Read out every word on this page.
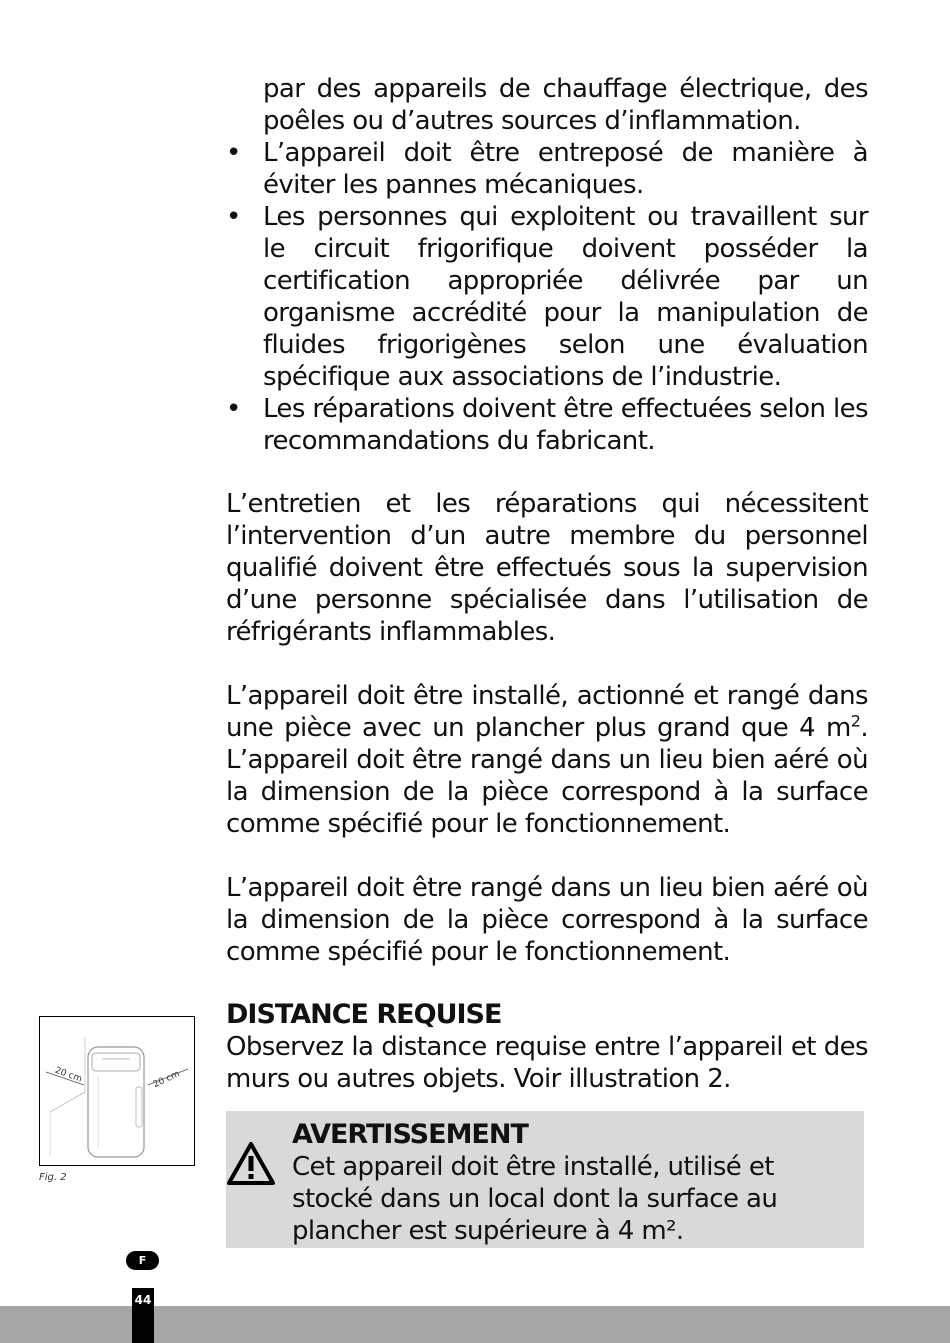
par des appareils de chauffage électrique, des poêles ou d’autres sources d’inflammation.
• L’appareil doit être entreposé de manière à éviter les pannes mécaniques.
• Les personnes qui exploitent ou travaillent sur le circuit frigorifique doivent posséder la certification appropriée délivrée par un organisme accrédité pour la manipulation de fluides frigorigènes selon une évaluation spécifique aux associations de l’industrie.
• Les réparations doivent être effectuées selon les recommandations du fabricant.
L’entretien et les réparations qui nécessitent l’intervention d’un autre membre du personnel qualifié doivent être effectués sous la supervision d’une personne spécialisée dans l’utilisation de réfrigérants inflammables.
L’appareil doit être installé, actionné et rangé dans une pièce avec un plancher plus grand que 4 $m^2$. L’appareil doit être rangé dans un lieu bien aéré où la dimension de la pièce correspond à la surface comme spécifié pour le fonctionnement.
L’appareil doit être rangé dans un lieu bien aéré où la dimension de la pièce correspond à la surface comme spécifié pour le fonctionnement.
DISTANCE REQUISE
Observez la distance requise entre l’appareil et des murs ou autres objets. Voir illustration 2.
AVERTISSEMENT
Cet appareil doit être installé, utilisé et stocké dans un local dont la surface au plancher est supérieure à 4 m².
20 cm	20 cm
Fig. 2
F
44
